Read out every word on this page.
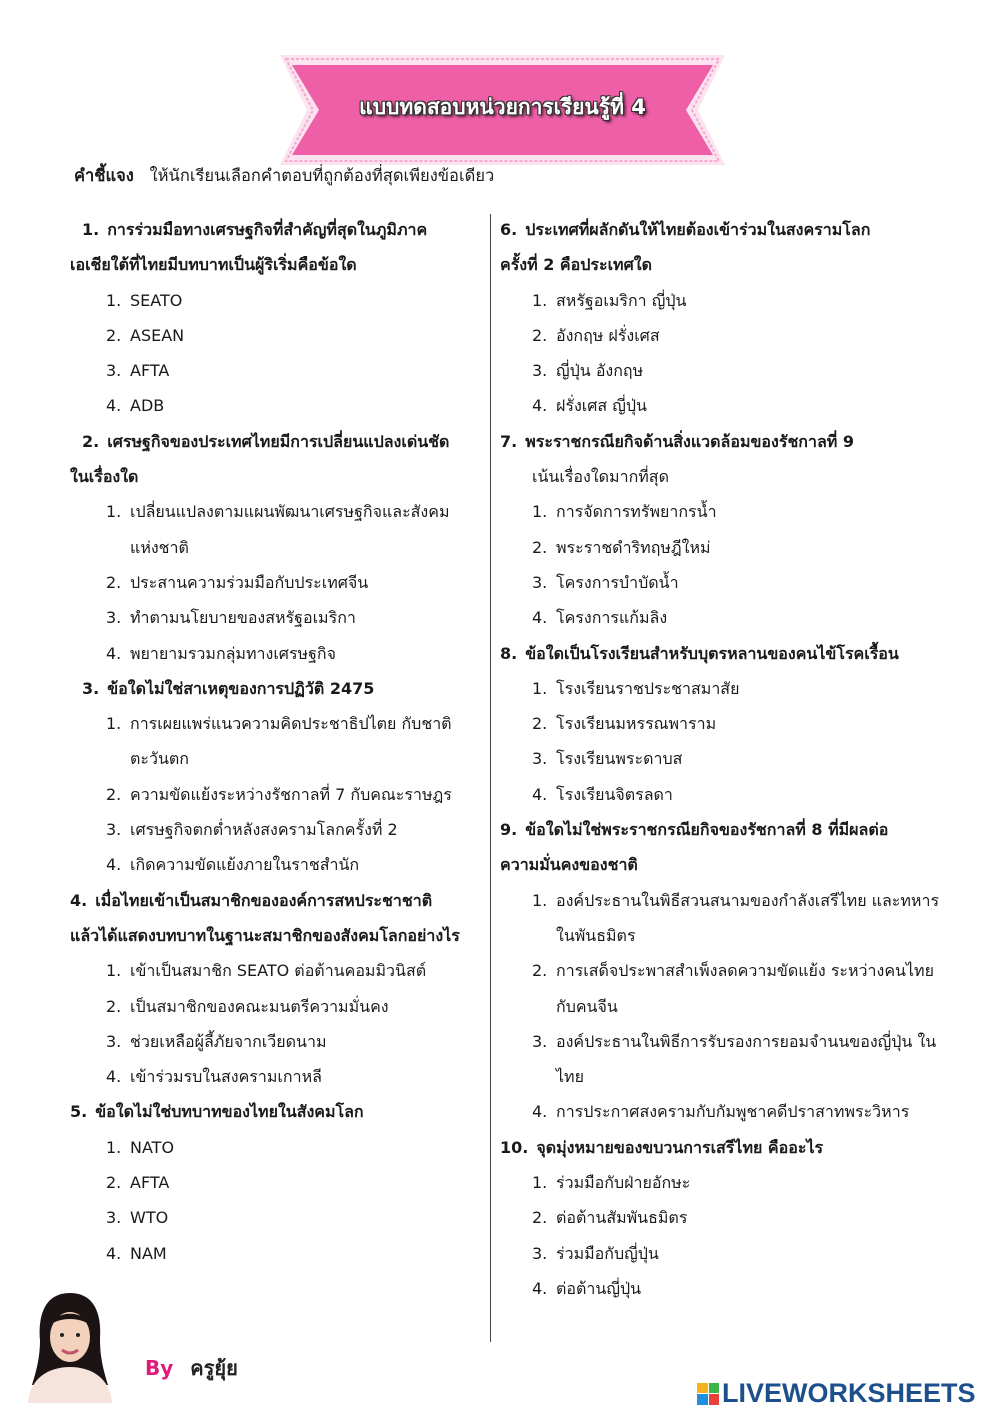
แบบทดสอบหน่วยการเรียนรู้ที่ 4
คำชี้แจง ให้นักเรียนเลือกคำตอบที่ถูกต้องที่สุดเพียงข้อเดียว
1. การร่วมมือทางเศรษฐกิจที่สำคัญที่สุดในภูมิภาค
เอเชียใต้ที่ไทยมีบทบาทเป็นผู้ริเริ่มคือข้อใด
1. SEATO
2. ASEAN
3. AFTA
4. ADB
2. เศรษฐกิจของประเทศไทยมีการเปลี่ยนแปลงเด่นชัด
ในเรื่องใด
1. เปลี่ยนแปลงตามแผนพัฒนาเศรษฐกิจและสังคม แห่งชาติ
2. ประสานความร่วมมือกับประเทศจีน
3. ทำตามนโยบายของสหรัฐอเมริกา
4. พยายามรวมกลุ่มทางเศรษฐกิจ
3. ข้อใดไม่ใช่สาเหตุของการปฏิวัติ 2475
1. การเผยแพร่แนวความคิดประชาธิปไตย กับชาติตะวันตก
2. ความขัดแย้งระหว่างรัชกาลที่ 7 กับคณะราษฎร
3. เศรษฐกิจตกต่ำหลังสงครามโลกครั้งที่ 2
4. เกิดความขัดแย้งภายในราชสำนัก
4. เมื่อไทยเข้าเป็นสมาชิกขององค์การสหประชาชาติ
แล้วได้แสดงบทบาทในฐานะสมาชิกของสังคมโลกอย่างไร
1. เข้าเป็นสมาชิก SEATO ต่อต้านคอมมิวนิสต์
2. เป็นสมาชิกของคณะมนตรีความมั่นคง
3. ช่วยเหลือผู้ลี้ภัยจากเวียดนาม
4. เข้าร่วมรบในสงครามเกาหลี
5. ข้อใดไม่ใช่บทบาทของไทยในสังคมโลก
1. NATO
2. AFTA
3. WTO
4. NAM
6. ประเทศที่ผลักดันให้ไทยต้องเข้าร่วมในสงครามโลก
ครั้งที่ 2 คือประเทศใด
1. สหรัฐอเมริกา ญี่ปุ่น
2. อังกฤษ ฝรั่งเศส
3. ญี่ปุ่น อังกฤษ
4. ฝรั่งเศส ญี่ปุ่น
7. พระราชกรณียกิจด้านสิ่งแวดล้อมของรัชกาลที่ 9
เน้นเรื่องใดมากที่สุด
1. การจัดการทรัพยากรน้ำ
2. พระราชดำริทฤษฎีใหม่
3. โครงการบำบัดน้ำ
4. โครงการแก้มลิง
8. ข้อใดเป็นโรงเรียนสำหรับบุตรหลานของคนไข้โรคเรื้อน
1. โรงเรียนราชประชาสมาสัย
2. โรงเรียนมหรรณพาราม
3. โรงเรียนพระดาบส
4. โรงเรียนจิตรลดา
9. ข้อใดไม่ใช่พระราชกรณียกิจของรัชกาลที่ 8 ที่มีผลต่อ
ความมั่นคงของชาติ
1. องค์ประธานในพิธีสวนสนามของกำลังเสรีไทย และทหารในพันธมิตร
2. การเสด็จประพาสสำเพ็งลดความขัดแย้ง ระหว่างคนไทยกับคนจีน
3. องค์ประธานในพิธีการรับรองการยอมจำนนของญี่ปุ่น ในไทย
4. การประกาศสงครามกับกัมพูชาคดีปราสาทพระวิหาร
10. จุดมุ่งหมายของขบวนการเสรีไทย คืออะไร
1. ร่วมมือกับฝ่ายอักษะ
2. ต่อต้านสัมพันธมิตร
3. ร่วมมือกับญี่ปุ่น
4. ต่อต้านญี่ปุ่น
By ครูยุ้ย
LIVEWORKSHEETS
